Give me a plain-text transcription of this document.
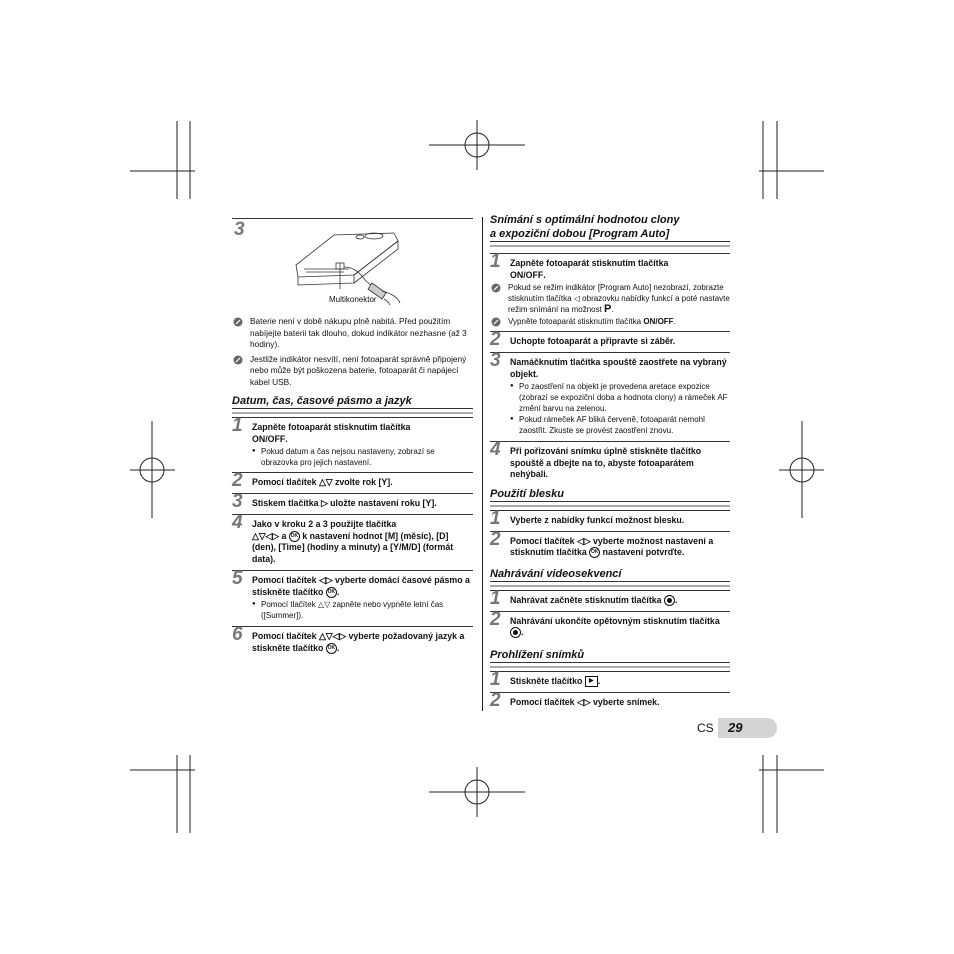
3
Multikonektor
Baterie není v době nákupu plně nabitá. Před použitím nabíjejte baterii tak dlouho, dokud indikátor nezhasne (až 3 hodiny).
Jestliže indikátor nesvítí, není fotoaparát správně připojený nebo může být poškozena baterie, fotoaparát či napájecí kabel USB.
Datum, čas, časové pásmo a jazyk
1	Zapněte fotoaparát stisknutím tlačítka
ON/OFF.
● Pokud datum a čas nejsou nastaveny, zobrazí se obrazovka pro jejich nastavení.
2	Pomocí tlačítek △▽ zvolte rok [Y].
3	Stiskem tlačítka ▷ uložte nastavení roku [Y].
4	Jako v kroku 2 a 3 použijte tlačítka
△▽◁▷ a OK k nastavení hodnot [M] (měsíc), [D] (den), [Time] (hodiny a minuty) a [Y/M/D] (formát data).
5	Pomocí tlačítek ◁▷ vyberte domácí časové pásmo a stiskněte tlačítko OK .
● Pomocí tlačítek △▽ zapněte nebo vypněte letní čas ([Summer]).
6	Pomocí tlačítek △▽◁▷ vyberte požadovaný jazyk a stiskněte tlačítko OK .
Snímání s optimální hodnotou clony
a expoziční dobou [Program Auto]
1	Zapněte fotoaparát stisknutím tlačítka
ON/OFF.
Pokud se režim indikátor [Program Auto] nezobrazí, zobrazte stisknutím tlačítka ◁ obrazovku nabídky funkcí a poté nastavte režim snímání na možnost P.
Vypněte fotoaparát stisknutím tlačítka ON/OFF.
2	Uchopte fotoaparát a připravte si záběr.
3	Namáčknutím tlačítka spouště zaostřete na vybraný objekt.
● Po zaostření na objekt je provedena aretace expozice (zobrazí se expoziční doba a hodnota clony) a rámeček AF změní barvu na zelenou.
● Pokud rámeček AF bliká červeně, fotoaparát nemohl zaostřit. Zkuste se provést zaostření znovu.
4	Při pořizování snímku úplně stiskněte tlačítko spouště a dbejte na to, abyste fotoaparátem nehýbali.
Použití blesku
1	Vyberte z nabídky funkcí možnost blesku.
2	Pomocí tlačítek ◁▷ vyberte možnost nastavení a stisknutím tlačítka OK nastavení potvrďte.
Nahrávání videosekvencí
1	Nahrávat začněte stisknutím tlačítka .
2	Nahrávání ukončíte opětovným stisknutím tlačítka .
Prohlížení snímků
1	Stiskněte tlačítko ▶ .
2	Pomocí tlačítek ◁▷ vyberte snímek.
CS	29
